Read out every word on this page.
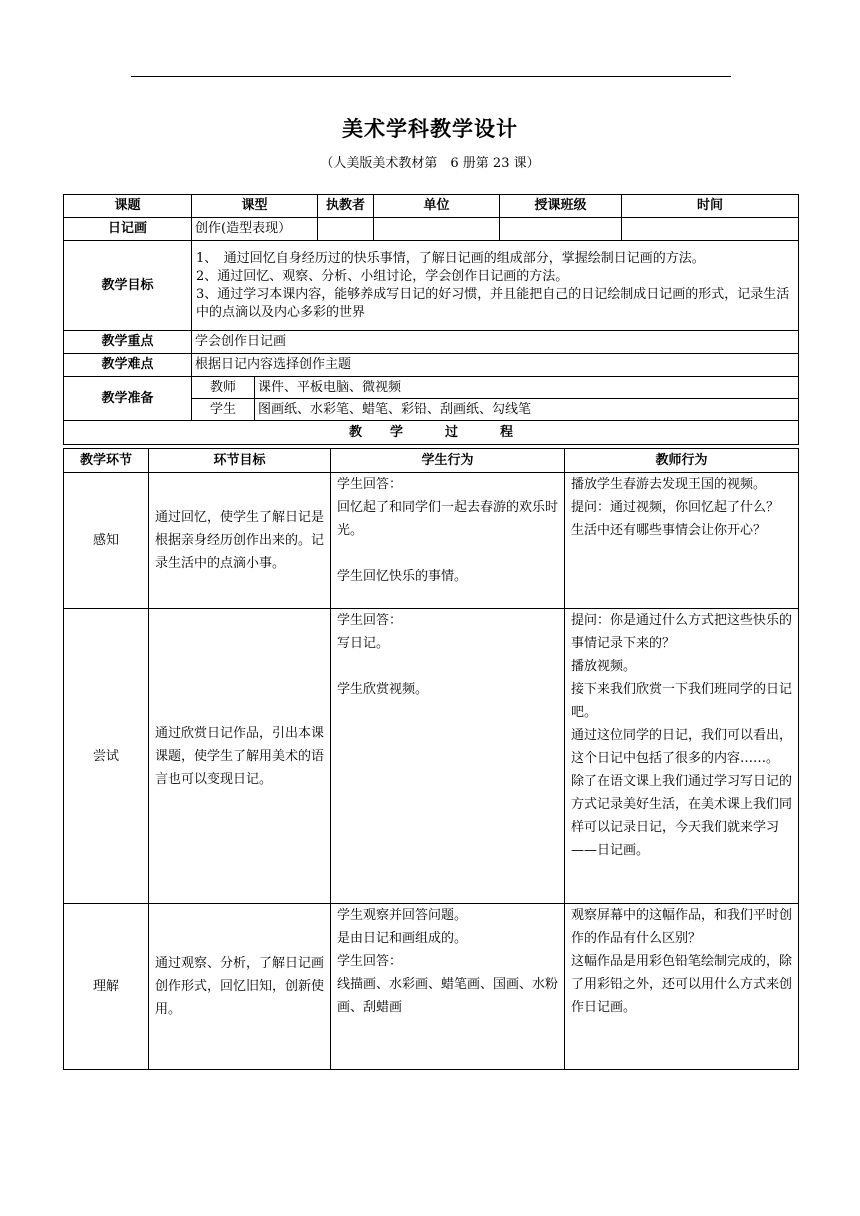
美术学科教学设计
（人美版美术教材第　6 册第 23 课）
课题	课型		执教者	单位	授课班级	时间
日记画	创作(造型表现）					
教学目标	1、　通过回忆自身经历过的快乐事情，了解日记画的组成部分，掌握绘制日记画的方法。
2、通过回忆、观察、分析、小组讨论，学会创作日记画的方法。
3、通过学习本课内容，能够养成写日记的好习惯，并且能把自己的日记绘制成日记画的形式，记录生活中的点滴以及内心多彩的世界					

教学重点	学会创作日记画					
教学难点	根据日记内容选择创作主题					
教学准备	教师	课件、平板电脑、微视频				
	学生	图画纸、水彩笔、蜡笔、彩铅、刮画纸、勾线笔				
教 学 过 程						
教学环节	环节目标	学生行为	教师行为
感知	通过回忆，使学生了解日记是根据亲身经历创作出来的。记录生活中的点滴小事。	学生回答：
回忆起了和同学们一起去春游的欢乐时光。
学生回忆快乐的事情。	播放学生春游去发现王国的视频。
提问：通过视频，你回忆起了什么？
生活中还有哪些事情会让你开心？

尝试	通过欣赏日记作品，引出本课课题，使学生了解用美术的语言也可以变现日记。	学生回答：
写日记。
学生欣赏视频。	提问：你是通过什么方式把这些快乐的事情记录下来的？
播放视频。
接下来我们欣赏一下我们班同学的日记吧。
通过这位同学的日记，我们可以看出，这个日记中包括了很多的内容……。
除了在语文课上我们通过学习写日记的方式记录美好生活，在美术课上我们同样可以记录日记，今天我们就来学习——日记画。

理解	通过观察、分析，了解日记画创作形式，回忆旧知，创新使用。	学生观察并回答问题。
是由日记和画组成的。
学生回答：
线描画、水彩画、蜡笔画、国画、水粉画、刮蜡画	观察屏幕中的这幅作品，和我们平时创作的作品有什么区别？
这幅作品是用彩色铅笔绘制完成的，除了用彩铅之外，还可以用什么方式来创作日记画。
